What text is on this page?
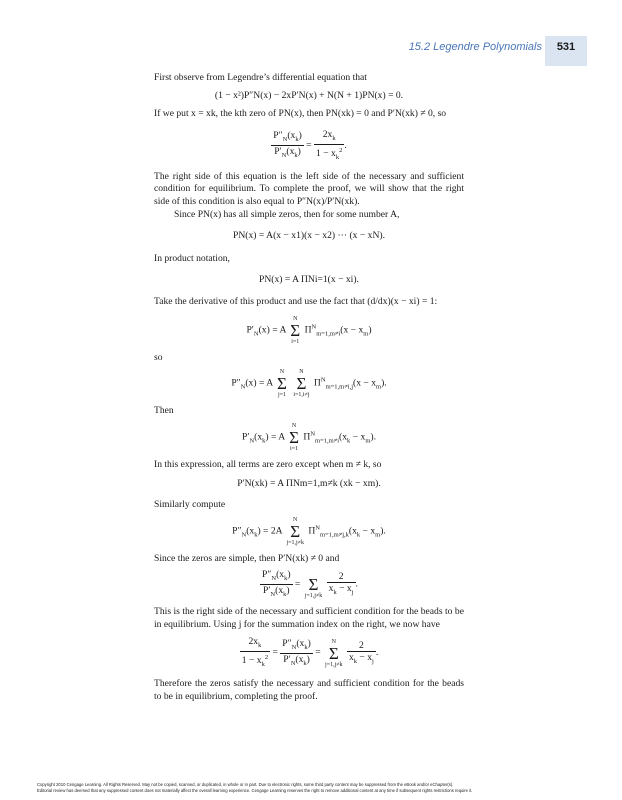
15.2 Legendre Polynomials	531

First observe from Legendre’s differential equation that

(1 − x²)P″N(x) − 2xP′N(x) + N(N + 1)PN(x) = 0.

If we put x = xk, the kth zero of PN(x), then PN(xk) = 0 and P′N(xk) ≠ 0, so

$\frac{P''_N(x_k)}{P'_N(x_k)} = \frac{2x_k}{1 - x_k^2}$ .

The right side of this equation is the left side of the necessary and sufficient condition for equilibrium. To complete the proof, we will show that the right side of this condition is also equal to P″N(x)/P′N(xk).

Since PN(x) has all simple zeros, then for some number A,

PN(x) = A(x − x1)(x − x2) ··· (x − xN).

In product notation,

PN(x) = A ΠNi=1(x − xi).

Take the derivative of this product and use the fact that (d/dx)(x − xi) = 1:

$P'_N(x) = A$
N
Σ
i=1
$\Pi^N_{m=1,m\ne i}(x - x_m)$

so

$P''_N(x) = A$
N
Σ
j=1

N
Σ
i=1,i≠j
$\Pi^N_{m=1,m\ne i,j}(x - x_m)$.

Then

$P'_N(x_k) = A$
N
Σ
i=1
$\Pi^N_{m=1,m\ne i}(x_k - x_m)$.

In this expression, all terms are zero except when m ≠ k, so

P′N(xk) = A ΠNm=1,m≠k (xk − xm).

Similarly compute

$P''_N(x_k) = 2A$
N
Σ
j=1,j≠k
$\Pi^N_{m=1,m\ne j,k}(x_k - x_m)$.

Since the zeros are simple, then P′N(xk) ≠ 0 and

$\frac{P''_N(x_k)}{P'_N(x_k)}$ =
Σ
j=1,j≠k
$\frac{2}{x_k - x_j}$ .

This is the right side of the necessary and sufficient condition for the beads to be in equilibrium. Using j for the summation index on the right, we now have

$\frac{2x_k}{1 - x_k^2} = \frac{P''_N(x_k)}{P'_N(x_k)}$ =
N
Σ
j=1,j≠k
$\frac{2}{x_k - x_j}$ .

Therefore the zeros satisfy the necessary and sufficient condition for the beads to be in equilibrium, completing the proof.

Copyright 2010 Cengage Learning. All Rights Reserved. May not be copied, scanned, or duplicated, in whole or in part. Due to electronic rights, some third party content may be suppressed from the eBook and/or eChapter(s).
Editorial review has deemed that any suppressed content does not materially affect the overall learning experience. Cengage Learning reserves the right to remove additional content at any time if subsequent rights restrictions require it.
